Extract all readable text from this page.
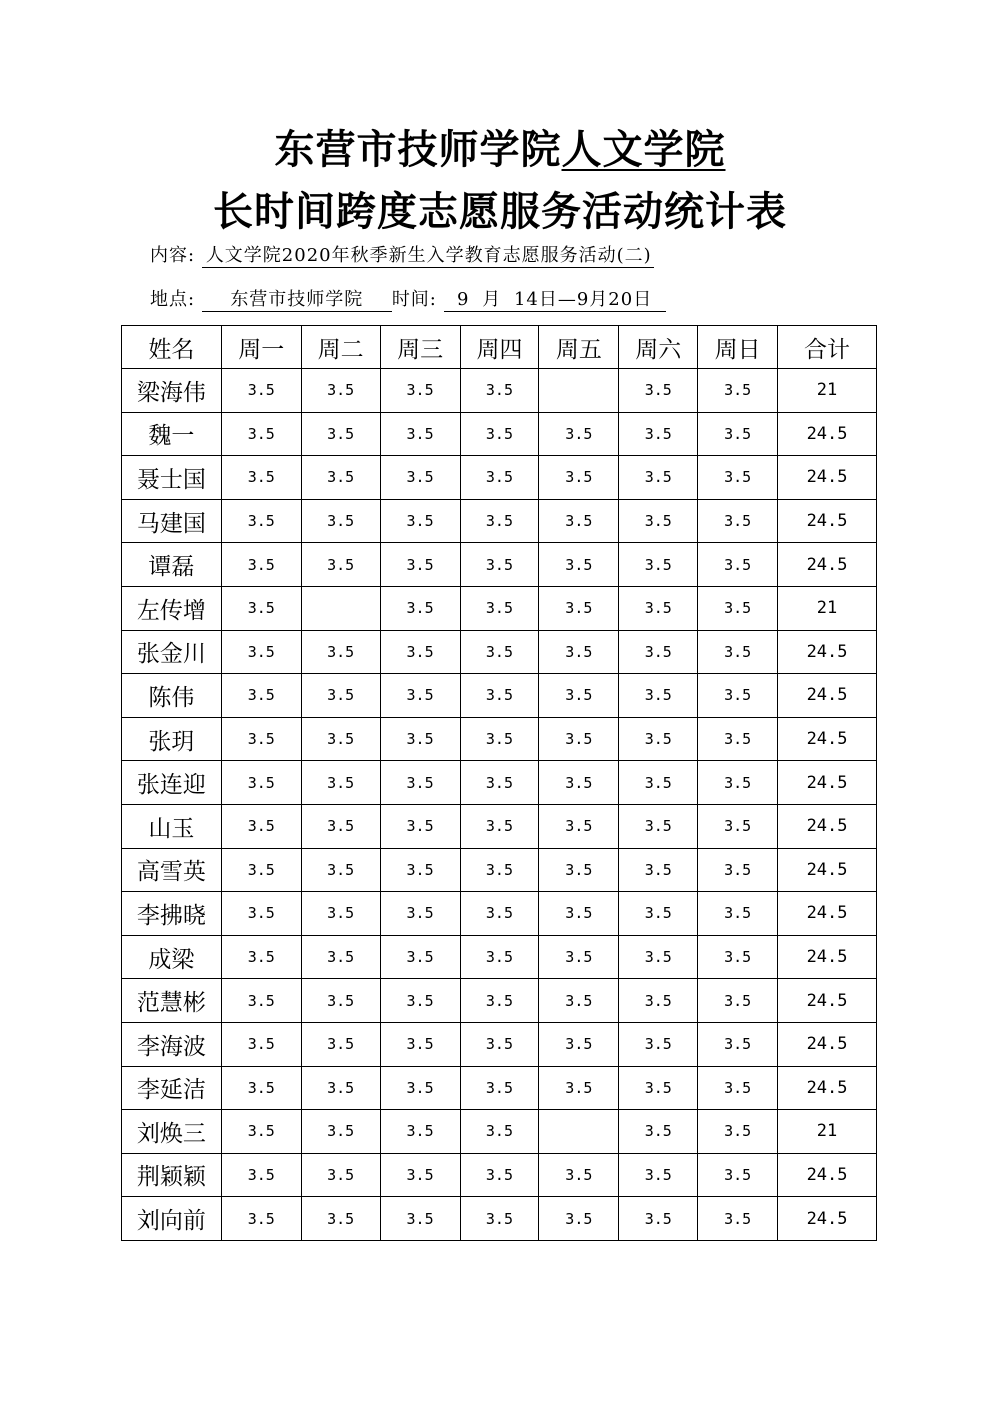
东营市技师学院人文学院
长时间跨度志愿服务活动统计表
内容: 人文学院2020年秋季新生入学教育志愿服务活动(二)
地点: 东营市技师学院 时间: 9 月 14日—9月20日
姓名	周一	周二	周三	周四	周五	周六	周日	合计
梁海伟	3.5	3.5	3.5	3.5		3.5	3.5	21
魏一	3.5	3.5	3.5	3.5	3.5	3.5	3.5	24.5
聂士国	3.5	3.5	3.5	3.5	3.5	3.5	3.5	24.5
马建国	3.5	3.5	3.5	3.5	3.5	3.5	3.5	24.5
谭磊	3.5	3.5	3.5	3.5	3.5	3.5	3.5	24.5
左传增	3.5		3.5	3.5	3.5	3.5	3.5	21
张金川	3.5	3.5	3.5	3.5	3.5	3.5	3.5	24.5
陈伟	3.5	3.5	3.5	3.5	3.5	3.5	3.5	24.5
张玥	3.5	3.5	3.5	3.5	3.5	3.5	3.5	24.5
张连迎	3.5	3.5	3.5	3.5	3.5	3.5	3.5	24.5
山玉	3.5	3.5	3.5	3.5	3.5	3.5	3.5	24.5
高雪英	3.5	3.5	3.5	3.5	3.5	3.5	3.5	24.5
李拂晓	3.5	3.5	3.5	3.5	3.5	3.5	3.5	24.5
成梁	3.5	3.5	3.5	3.5	3.5	3.5	3.5	24.5
范慧彬	3.5	3.5	3.5	3.5	3.5	3.5	3.5	24.5
李海波	3.5	3.5	3.5	3.5	3.5	3.5	3.5	24.5
李延洁	3.5	3.5	3.5	3.5	3.5	3.5	3.5	24.5
刘焕三	3.5	3.5	3.5	3.5		3.5	3.5	21
荆颖颖	3.5	3.5	3.5	3.5	3.5	3.5	3.5	24.5
刘向前	3.5	3.5	3.5	3.5	3.5	3.5	3.5	24.5
